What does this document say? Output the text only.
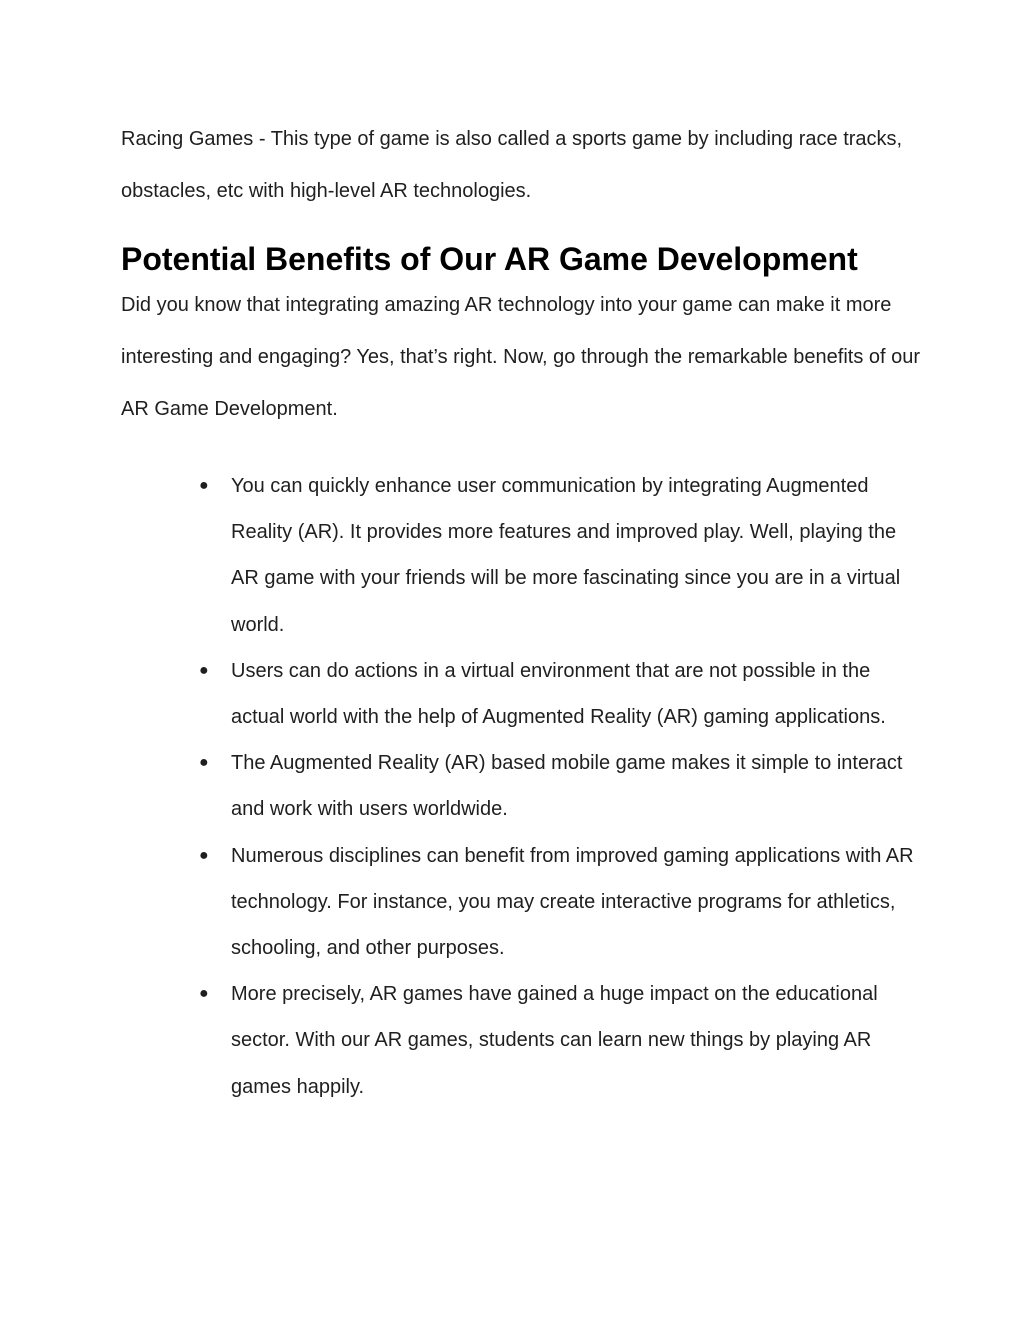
Racing Games - This type of game is also called a sports game by including race tracks, obstacles, etc with high-level AR technologies.

Potential Benefits of Our AR Game Development

Did you know that integrating amazing AR technology into your game can make it more interesting and engaging? Yes, that’s right. Now, go through the remarkable benefits of our AR Game Development.

● You can quickly enhance user communication by integrating Augmented Reality (AR). It provides more features and improved play. Well, playing the AR game with your friends will be more fascinating since you are in a virtual world.
● Users can do actions in a virtual environment that are not possible in the actual world with the help of Augmented Reality (AR) gaming applications.
● The Augmented Reality (AR) based mobile game makes it simple to interact and work with users worldwide.
● Numerous disciplines can benefit from improved gaming applications with AR technology. For instance, you may create interactive programs for athletics, schooling, and other purposes.
● More precisely, AR games have gained a huge impact on the educational sector. With our AR games, students can learn new things by playing AR games happily.
